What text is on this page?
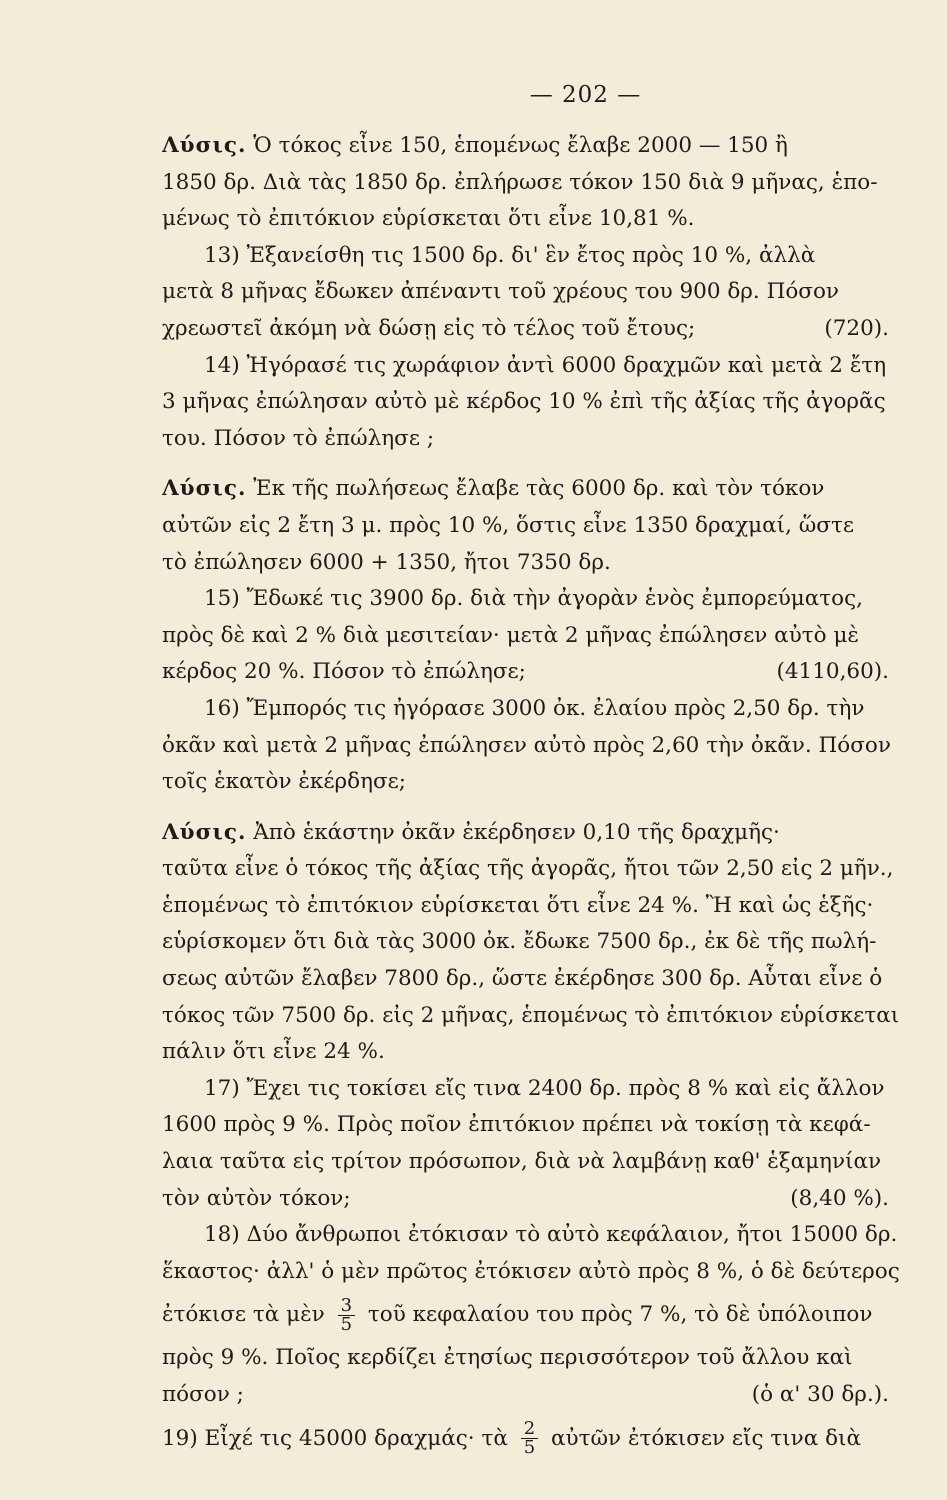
— 202 —
Λύσις. Ὁ τόκος εἶνε 150, ἑπομένως ἔλαβε 2000 — 150 ἢ
1850 δρ. Διὰ τὰς 1850 δρ. ἐπλήρωσε τόκον 150 διὰ 9 μῆνας, ἑπο-
μένως τὸ ἐπιτόκιον εὑρίσκεται ὅτι εἶνε 10,81 %.
13) Ἐξανείσθη τις 1500 δρ. δι' ἓν ἔτος πρὸς 10 %, ἀλλὰ
μετὰ 8 μῆνας ἔδωκεν ἀπέναντι τοῦ χρέους του 900 δρ. Πόσον
χρεωστεῖ ἀκόμη νὰ δώσῃ εἰς τὸ τέλος τοῦ ἔτους;	(720).
14) Ἠγόρασέ τις χωράφιον ἀντὶ 6000 δραχμῶν καὶ μετὰ 2 ἔτη
3 μῆνας ἐπώλησαν αὐτὸ μὲ κέρδος 10 % ἐπὶ τῆς ἀξίας τῆς ἀγορᾶς
του. Πόσον τὸ ἐπώλησε ;
Λύσις. Ἐκ τῆς πωλήσεως ἔλαβε τὰς 6000 δρ. καὶ τὸν τόκον
αὐτῶν εἰς 2 ἔτη 3 μ. πρὸς 10 %, ὅστις εἶνε 1350 δραχμαί, ὥστε
τὸ ἐπώλησεν 6000 + 1350, ἤτοι 7350 δρ.
15) Ἔδωκέ τις 3900 δρ. διὰ τὴν ἀγορὰν ἑνὸς ἐμπορεύματος,
πρὸς δὲ καὶ 2 % διὰ μεσιτείαν· μετὰ 2 μῆνας ἐπώλησεν αὐτὸ μὲ
κέρδος 20 %. Πόσον τὸ ἐπώλησε;	(4110,60).
16) Ἔμπορός τις ἠγόρασε 3000 ὀκ. ἐλαίου πρὸς 2,50 δρ. τὴν
ὀκᾶν καὶ μετὰ 2 μῆνας ἐπώλησεν αὐτὸ πρὸς 2,60 τὴν ὀκᾶν. Πόσον
τοῖς ἑκατὸν ἐκέρδησε;
Λύσις. Ἀπὸ ἑκάστην ὀκᾶν ἐκέρδησεν 0,10 τῆς δραχμῆς·
ταῦτα εἶνε ὁ τόκος τῆς ἀξίας τῆς ἀγορᾶς, ἤτοι τῶν 2,50 εἰς 2 μῆν.,
ἑπομένως τὸ ἐπιτόκιον εὑρίσκεται ὅτι εἶνε 24 %. Ἢ καὶ ὡς ἑξῆς·
εὑρίσκομεν ὅτι διὰ τὰς 3000 ὀκ. ἔδωκε 7500 δρ., ἐκ δὲ τῆς πωλή-
σεως αὐτῶν ἔλαβεν 7800 δρ., ὥστε ἐκέρδησε 300 δρ. Αὗται εἶνε ὁ
τόκος τῶν 7500 δρ. εἰς 2 μῆνας, ἑπομένως τὸ ἐπιτόκιον εὑρίσκεται
πάλιν ὅτι εἶνε 24 %.
17) Ἔχει τις τοκίσει εἴς τινα 2400 δρ. πρὸς 8 % καὶ εἰς ἄλλον
1600 πρὸς 9 %. Πρὸς ποῖον ἐπιτόκιον πρέπει νὰ τοκίσῃ τὰ κεφά-
λαια ταῦτα εἰς τρίτον πρόσωπον, διὰ νὰ λαμβάνῃ καθ' ἑξαμηνίαν
τὸν αὐτὸν τόκον;	(8,40 %).
18) Δύο ἄνθρωποι ἐτόκισαν τὸ αὐτὸ κεφάλαιον, ἤτοι 15000 δρ.
ἕκαστος· ἀλλ' ὁ μὲν πρῶτος ἐτόκισεν αὐτὸ πρὸς 8 %, ὁ δὲ δεύτερος
ἐτόκισε τὰ μὲν $\frac{3}{5}$ τοῦ κεφαλαίου του πρὸς 7 %, τὸ δὲ ὑπόλοιπον
πρὸς 9 %. Ποῖος κερδίζει ἐτησίως περισσότερον τοῦ ἄλλου καὶ
πόσον ;	(ὁ α' 30 δρ.).
19) Εἶχέ τις 45000 δραχμάς· τὰ $\frac{2}{5}$ αὐτῶν ἐτόκισεν εἴς τινα διὰ
